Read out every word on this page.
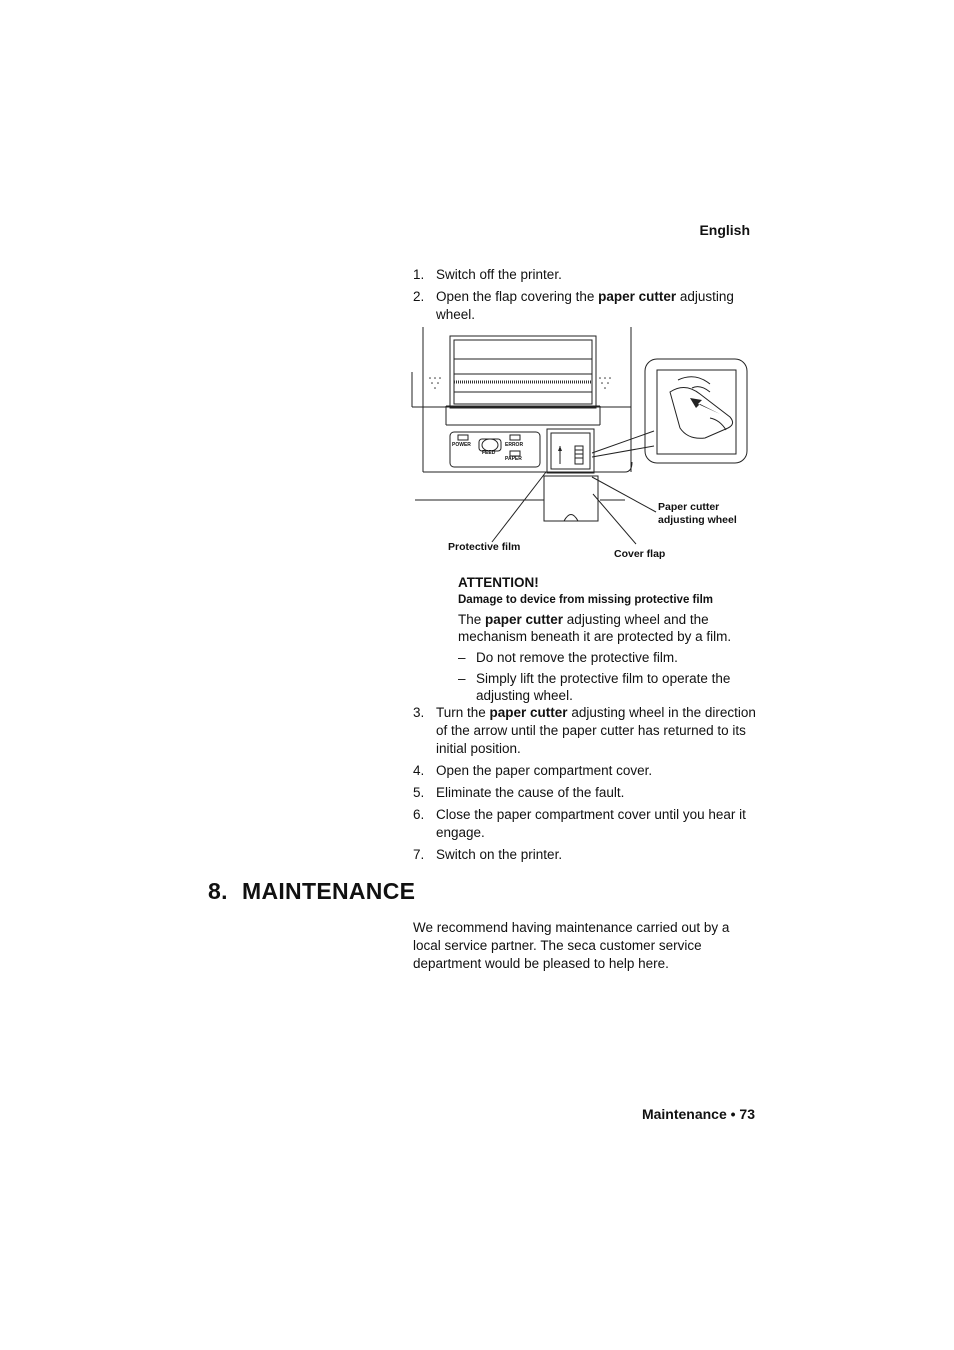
English
1. Switch off the printer.
2. Open the flap covering the paper cutter adjusting wheel.
POWER	ERROR
FEED
PAPER
Paper cutter
adjusting wheel
Protective film
Cover flap

ATTENTION!

Damage to device from missing protective film

The paper cutter adjusting wheel and the mechanism beneath it are protected by a film.

– Do not remove the protective film.
– Simply lift the protective film to operate the adjusting wheel.
3. Turn the paper cutter adjusting wheel in the direction of the arrow until the paper cutter has returned to its initial position.
4. Open the paper compartment cover.
5. Eliminate the cause of the fault.
6. Close the paper compartment cover until you hear it engage.
7. Switch on the printer.
8. MAINTENANCE
We recommend having maintenance carried out by a local service partner. The seca customer service department would be pleased to help here.
Maintenance • 73
